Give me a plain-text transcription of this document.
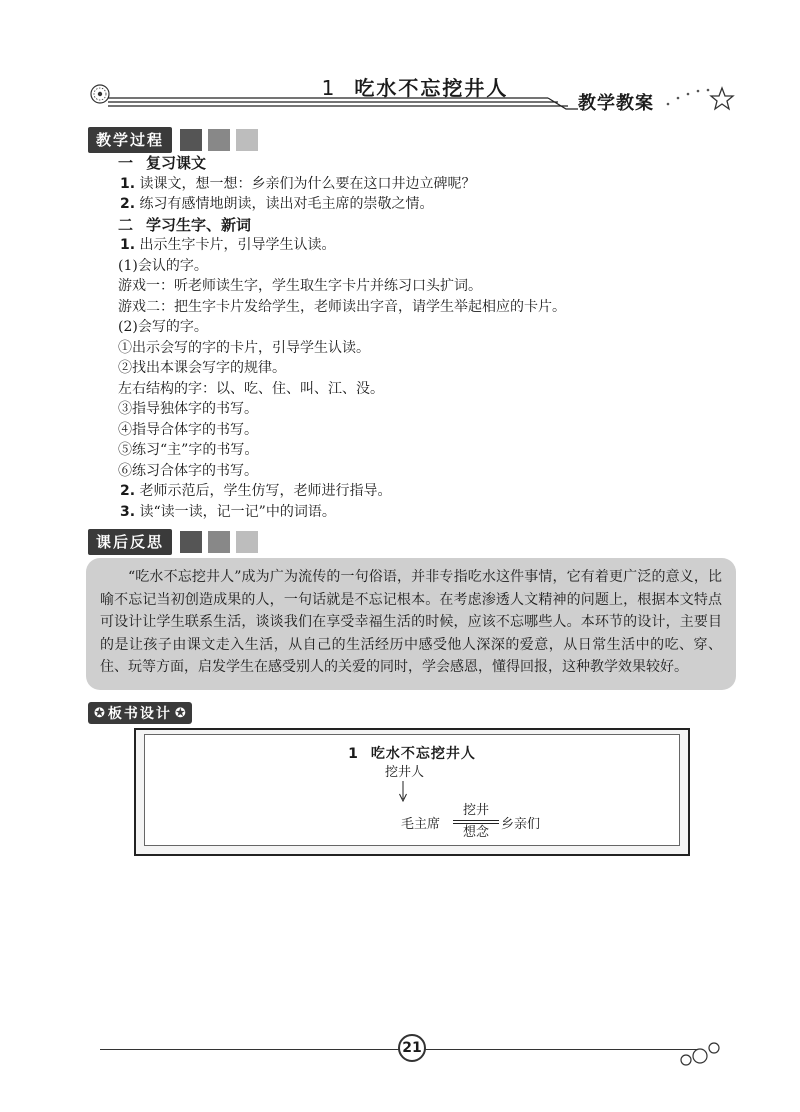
1 吃水不忘挖井人
教学教案
教学过程
一 复习课文
1. 读课文，想一想：乡亲们为什么要在这口井边立碑呢？
2. 练习有感情地朗读，读出对毛主席的崇敬之情。
二 学习生字、新词
1. 出示生字卡片，引导学生认读。
(1)会认的字。
游戏一：听老师读生字，学生取生字卡片并练习口头扩词。
游戏二：把生字卡片发给学生，老师读出字音，请学生举起相应的卡片。
(2)会写的字。
①出示会写的字的卡片，引导学生认读。
②找出本课会写字的规律。
左右结构的字：以、吃、住、叫、江、没。
③指导独体字的书写。
④指导合体字的书写。
⑤练习“主”字的书写。
⑥练习合体字的书写。
2. 老师示范后，学生仿写，老师进行指导。
3. 读“读一读，记一记”中的词语。
课后反思

“吃水不忘挖井人”成为广为流传的一句俗语，并非专指吃水这件事情，它有着更广泛的意义，比喻不忘记当初创造成果的人，一句话就是不忘记根本。在考虑渗透人文精神的问题上，根据本文特点可设计让学生联系生活，谈谈我们在享受幸福生活的时候，应该不忘哪些人。本环节的设计，主要目的是让孩子由课文走入生活，从自己的生活经历中感受他人深深的爱意，从日常生活中的吃、穿、住、玩等方面，启发学生在感受别人的关爱的同时，学会感恩，懂得回报，这种教学效果较好。

✪ 板书设计 ✪
1 吃水不忘挖井人
挖井人
毛主席
挖井
想念
乡亲们
21
